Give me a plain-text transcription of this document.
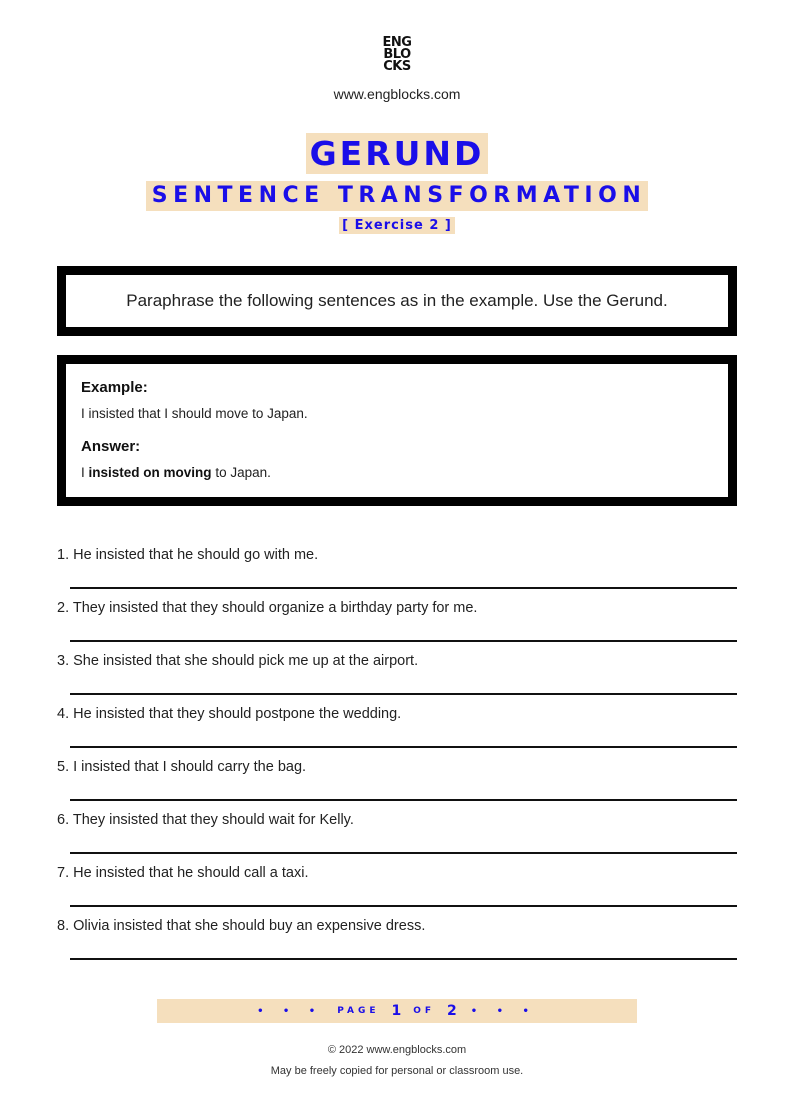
ENG
BLO
CKS
www.engblocks.com
GERUND
SENTENCE TRANSFORMATION
[ Exercise 2 ]
Paraphrase the following sentences as in the example. Use the Gerund.

Example:

I insisted that I should move to Japan.

Answer:

I insisted on moving to Japan.

1. He insisted that he should go with me.
2. They insisted that they should organize a birthday party for me.
3. She insisted that she should pick me up at the airport.
4. He insisted that they should postpone the wedding.
5. I insisted that I should carry the bag.
6. They insisted that they should wait for Kelly.
7. He insisted that he should call a taxi.
8. Olivia insisted that she should buy an expensive dress.
• • • PAGE 1 OF 2 • • •
© 2022 www.engblocks.com
May be freely copied for personal or classroom use.
